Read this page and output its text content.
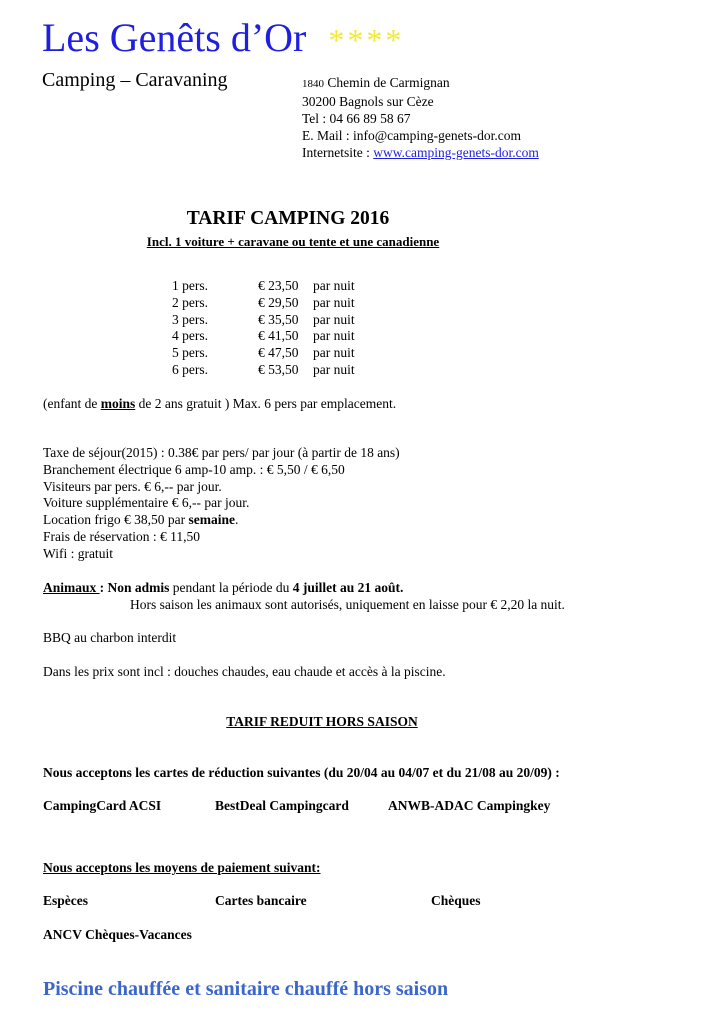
Les Genêts d’Or ****
Camping – Caravaning	1840 Chemin de Carmignan
30200 Bagnols sur Cèze
Tel : 04 66 89 58 67
E. Mail : info@camping-genets-dor.com
Internetsite : www.camping-genets-dor.com
TARIF CAMPING 2016
Incl. 1 voiture + caravane ou tente et une canadienne
1 pers.	€ 23,50	par nuit
2 pers.	€ 29,50	par nuit
3 pers.	€ 35,50	par nuit
4 pers.	€ 41,50	par nuit
5 pers.	€ 47,50	par nuit
6 pers.	€ 53,50	par nuit
(enfant de moins de 2 ans gratuit ) Max. 6 pers par emplacement.
Taxe de séjour(2015) : 0.38€ par pers/ par jour (à partir de 18 ans)
Branchement électrique 6 amp-10 amp. : € 5,50 / € 6,50
Visiteurs par pers. € 6,-- par jour.
Voiture supplémentaire € 6,-- par jour.
Location frigo € 38,50 par semaine.
Frais de réservation : € 11,50
Wifi : gratuit
Animaux : Non admis pendant la période du 4 juillet au 21 août.
Hors saison les animaux sont autorisés, uniquement en laisse pour € 2,20 la nuit.
BBQ au charbon interdit
Dans les prix sont incl : douches chaudes, eau chaude et accès à la piscine.
TARIF REDUIT HORS SAISON
Nous acceptons les cartes de réduction suivantes (du 20/04 au 04/07 et du 21/08 au 20/09) :
CampingCard ACSI	BestDeal Campingcard	ANWB-ADAC Campingkey
Nous acceptons les moyens de paiement suivant:
Espèces	Cartes bancaire	Chèques
ANCV Chèques-Vacances
Piscine chauffée et sanitaire chauffé hors saison
